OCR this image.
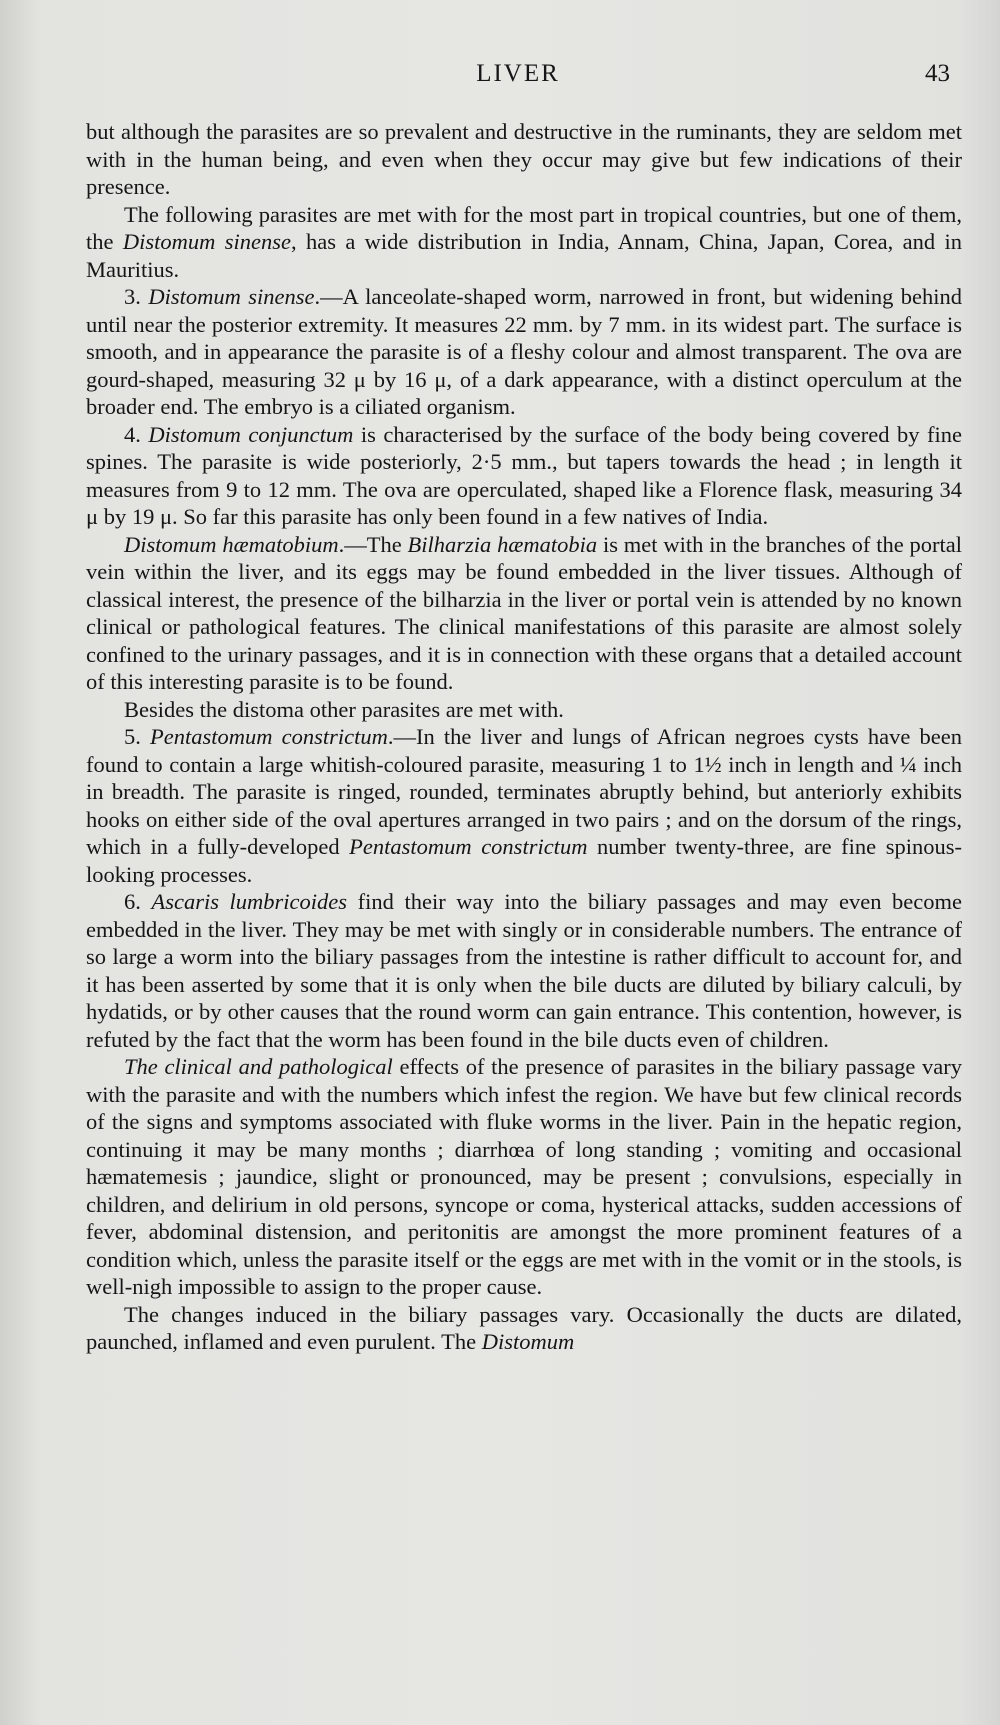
LIVER	43

but although the parasites are so prevalent and destructive in the ruminants, they are seldom met with in the human being, and even when they occur may give but few indications of their presence.

The following parasites are met with for the most part in tropical countries, but one of them, the Distomum sinense, has a wide distribution in India, Annam, China, Japan, Corea, and in Mauritius.

3. Distomum sinense.—A lanceolate-shaped worm, narrowed in front, but widening behind until near the posterior extremity. It measures 22 mm. by 7 mm. in its widest part. The surface is smooth, and in appearance the parasite is of a fleshy colour and almost transparent. The ova are gourd-shaped, measuring 32 μ by 16 μ, of a dark appearance, with a distinct operculum at the broader end. The embryo is a ciliated organism.

4. Distomum conjunctum is characterised by the surface of the body being covered by fine spines. The parasite is wide posteriorly, 2·5 mm., but tapers towards the head ; in length it measures from 9 to 12 mm. The ova are operculated, shaped like a Florence flask, measuring 34 μ by 19 μ. So far this parasite has only been found in a few natives of India.

Distomum hæmatobium.—The Bilharzia hæmatobia is met with in the branches of the portal vein within the liver, and its eggs may be found embedded in the liver tissues. Although of classical interest, the presence of the bilharzia in the liver or portal vein is attended by no known clinical or pathological features. The clinical manifestations of this parasite are almost solely confined to the urinary passages, and it is in connection with these organs that a detailed account of this interesting parasite is to be found.

Besides the distoma other parasites are met with.

5. Pentastomum constrictum.—In the liver and lungs of African negroes cysts have been found to contain a large whitish-coloured parasite, measuring 1 to 1½ inch in length and ¼ inch in breadth. The parasite is ringed, rounded, terminates abruptly behind, but anteriorly exhibits hooks on either side of the oval apertures arranged in two pairs ; and on the dorsum of the rings, which in a fully-developed Pentastomum constrictum number twenty-three, are fine spinous-looking processes.

6. Ascaris lumbricoides find their way into the biliary passages and may even become embedded in the liver. They may be met with singly or in considerable numbers. The entrance of so large a worm into the biliary passages from the intestine is rather difficult to account for, and it has been asserted by some that it is only when the bile ducts are diluted by biliary calculi, by hydatids, or by other causes that the round worm can gain entrance. This contention, however, is refuted by the fact that the worm has been found in the bile ducts even of children.

The clinical and pathological effects of the presence of parasites in the biliary passage vary with the parasite and with the numbers which infest the region. We have but few clinical records of the signs and symptoms associated with fluke worms in the liver. Pain in the hepatic region, continuing it may be many months ; diarrhœa of long standing ; vomiting and occasional hæmatemesis ; jaundice, slight or pronounced, may be present ; convulsions, especially in children, and delirium in old persons, syncope or coma, hysterical attacks, sudden accessions of fever, abdominal distension, and peritonitis are amongst the more prominent features of a condition which, unless the parasite itself or the eggs are met with in the vomit or in the stools, is well-nigh impossible to assign to the proper cause.

The changes induced in the biliary passages vary. Occasionally the ducts are dilated, paunched, inflamed and even purulent. The Distomum
